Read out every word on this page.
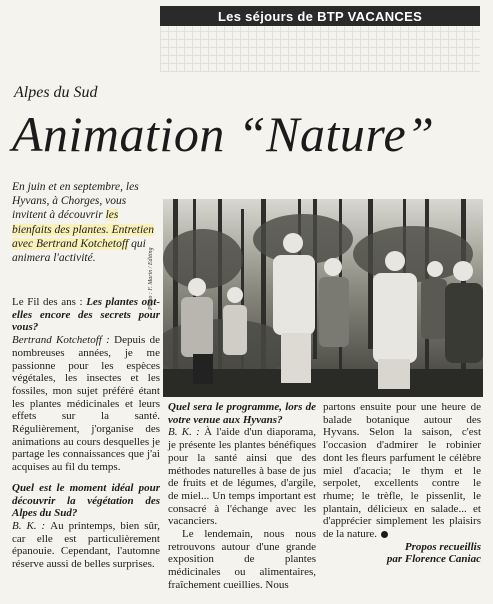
Les séjours de BTP VACANCES
Alpes du Sud
Animation “Nature”
En juin et en septembre, les Hyvans, à Chorges, vous invitent à découvrir les bienfaits des plantes. Entretien avec Bertrand Kotchetoff qui animera l'activité.	Photo : F. Marin / Editing

Le Fil des ans : Les plantes ont-elles encore des secrets pour vous?

Bertrand Kotchetoff : Depuis de nombreuses années, je me passionne pour les espèces végétales, les insectes et les fossiles, mon sujet préféré étant les plantes médicinales et leurs effets sur la santé. Régulièrement, j'organise des animations au cours desquelles je partage les connaissances que j'ai acquises au fil du temps.

Quel est le moment idéal pour découvrir la végétation des Alpes du Sud?

B. K. : Au printemps, bien sûr, car elle est particulièrement épanouie. Cependant, l'automne réserve aussi de belles surprises.

Quel sera le programme, lors de votre venue aux Hyvans?

B. K. : À l'aide d'un diaporama, je présente les plantes bénéfiques pour la santé ainsi que des méthodes naturelles à base de jus de fruits et de légumes, d'argile, de miel... Un temps important est consacré à l'échange avec les vacanciers.

Le lendemain, nous nous retrouvons autour d'une grande exposition de plantes médicinales ou alimentaires, fraîchement cueillies. Nous

partons ensuite pour une heure de balade botanique autour des Hyvans. Selon la saison, c'est l'occasion d'admirer le robinier dont les fleurs parfument le célèbre miel d'acacia; le thym et le serpolet, excellents contre le rhume; le trèfle, le pissenlit, le plantain, délicieux en salade... et d'apprécier simplement les plaisirs de la nature.

Propos recueillis
par Florence Caniac
